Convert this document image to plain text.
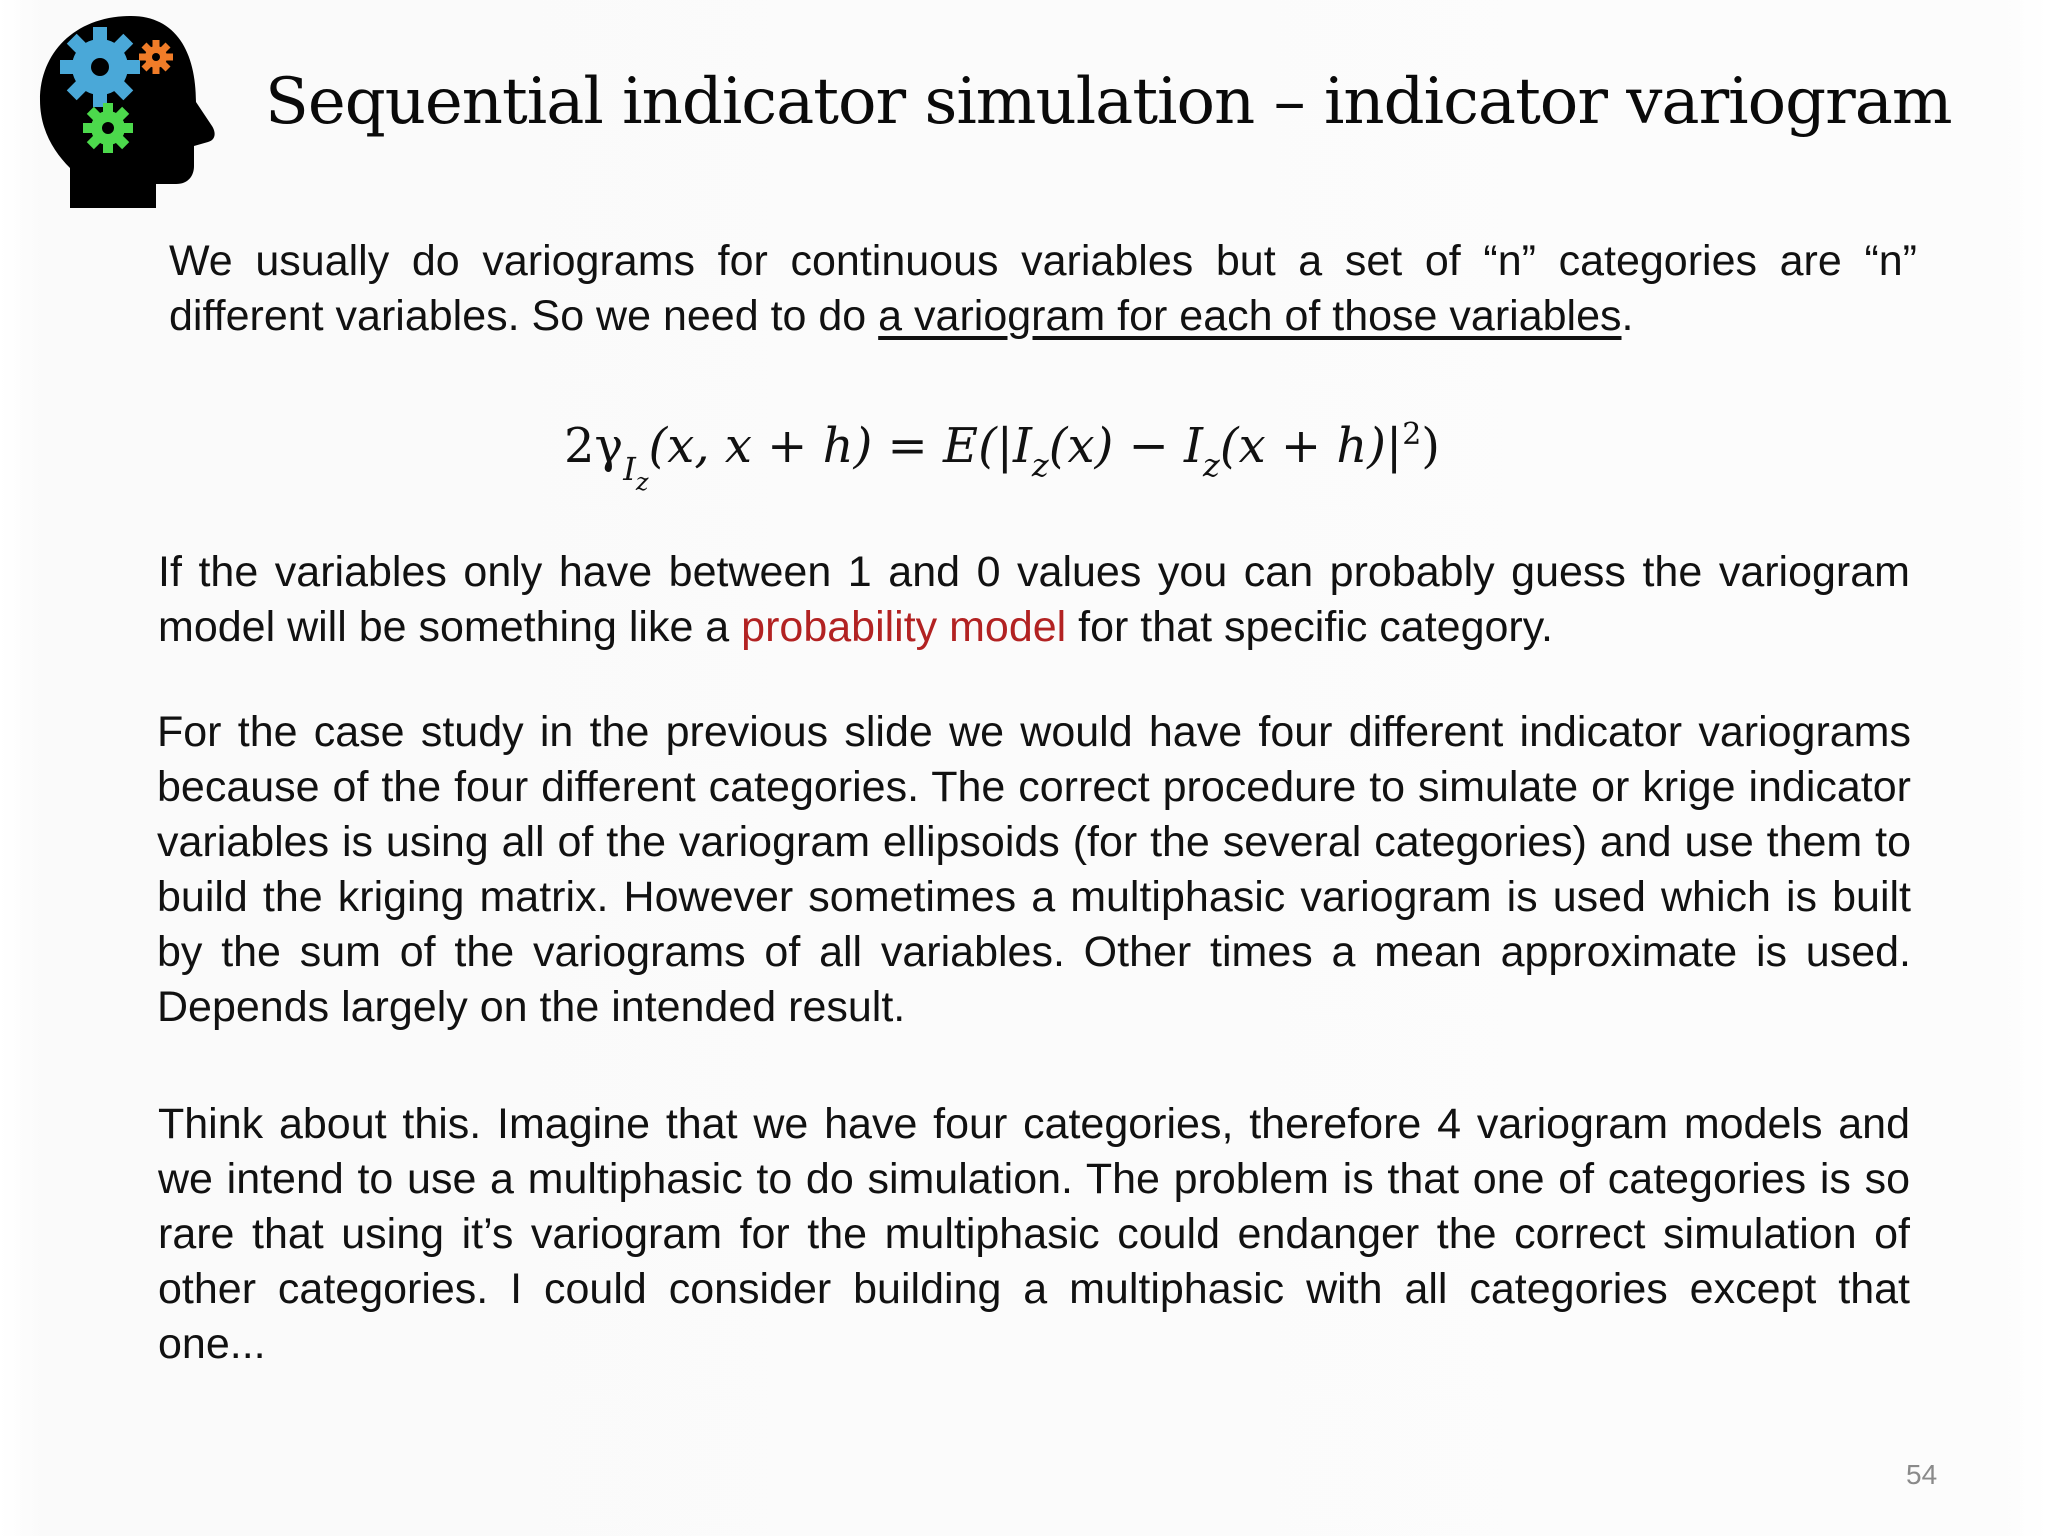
Sequential indicator simulation – indicator variogram
We usually do variograms for continuous variables but a set of “n” categories are “n” different variables. So we need to do a variogram for each of those variables.
$2\gamma_{Iz}(x$, $x + h) = E(|I_z(x) - I_z(x + h)|^2)$
If the variables only have between 1 and 0 values you can probably guess the variogram model will be something like a probability model for that specific category.
For the case study in the previous slide we would have four different indicator variograms because of the four different categories. The correct procedure to simulate or krige indicator variables is using all of the variogram ellipsoids (for the several categories) and use them to build the kriging matrix. However sometimes a multiphasic variogram is used which is built by the sum of the variograms of all variables. Other times a mean approximate is used. Depends largely on the intended result.
Think about this. Imagine that we have four categories, therefore 4 variogram models and we intend to use a multiphasic to do simulation. The problem is that one of categories is so rare that using it’s variogram for the multiphasic could endanger the correct simulation of other categories. I could consider building a multiphasic with all categories except that one...
54
